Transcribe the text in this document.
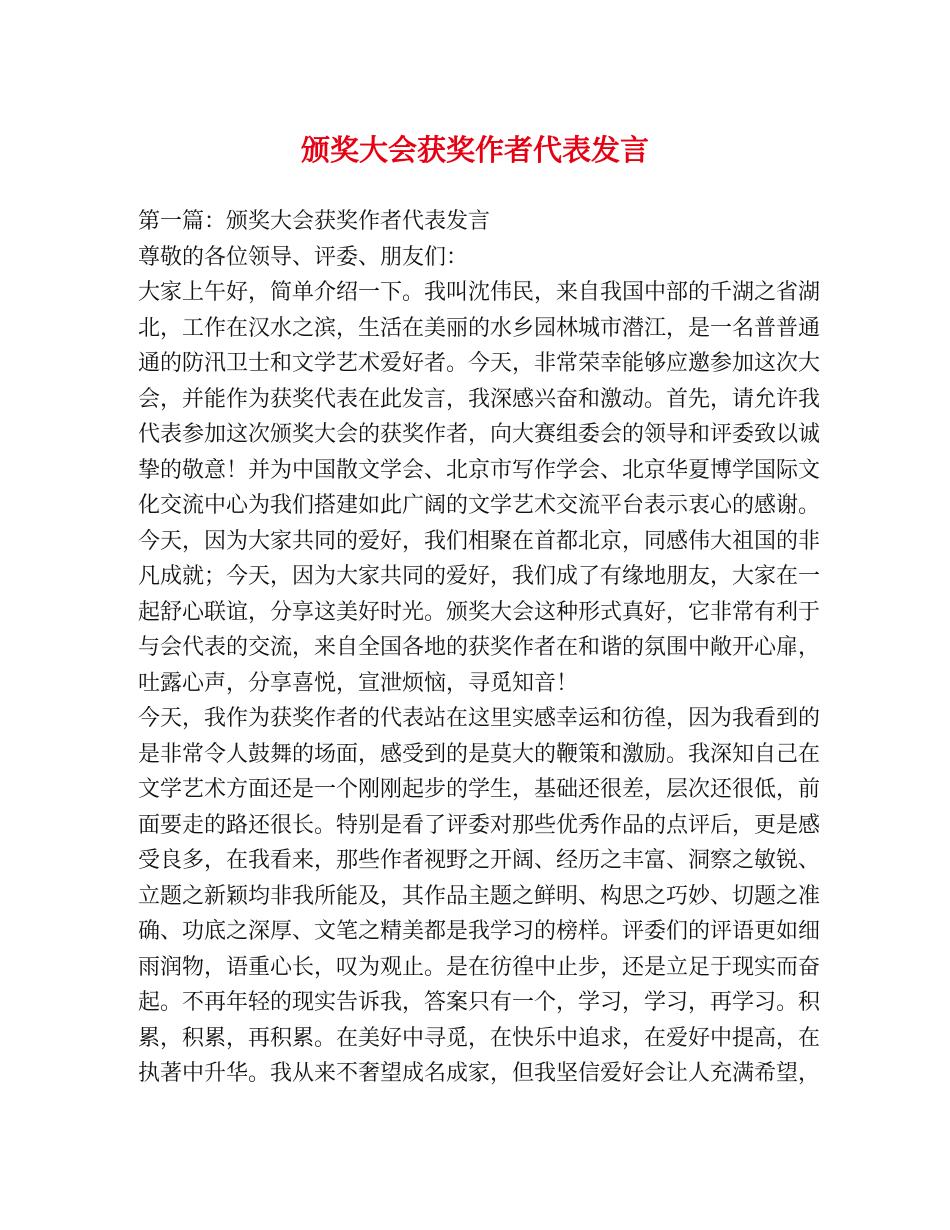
颁奖大会获奖作者代表发言
第一篇：颁奖大会获奖作者代表发言
尊敬的各位领导、评委、朋友们：
大家上午好，简单介绍一下。我叫沈伟民，来自我国中部的千湖之省湖
北，工作在汉水之滨，生活在美丽的水乡园林城市潜江，是一名普普通
通的防汛卫士和文学艺术爱好者。今天，非常荣幸能够应邀参加这次大
会，并能作为获奖代表在此发言，我深感兴奋和激动。首先，请允许我
代表参加这次颁奖大会的获奖作者，向大赛组委会的领导和评委致以诚
挚的敬意！并为中国散文学会、北京市写作学会、北京华夏博学国际文
化交流中心为我们搭建如此广阔的文学艺术交流平台表示衷心的感谢。
今天，因为大家共同的爱好，我们相聚在首都北京，同感伟大祖国的非
凡成就；今天，因为大家共同的爱好，我们成了有缘地朋友，大家在一
起舒心联谊，分享这美好时光。颁奖大会这种形式真好，它非常有利于
与会代表的交流，来自全国各地的获奖作者在和谐的氛围中敞开心扉，
吐露心声，分享喜悦，宣泄烦恼，寻觅知音！
今天，我作为获奖作者的代表站在这里实感幸运和彷徨，因为我看到的
是非常令人鼓舞的场面，感受到的是莫大的鞭策和激励。我深知自己在
文学艺术方面还是一个刚刚起步的学生，基础还很差，层次还很低，前
面要走的路还很长。特别是看了评委对那些优秀作品的点评后，更是感
受良多，在我看来，那些作者视野之开阔、经历之丰富、洞察之敏锐、
立题之新颖均非我所能及，其作品主题之鲜明、构思之巧妙、切题之准
确、功底之深厚、文笔之精美都是我学习的榜样。评委们的评语更如细
雨润物，语重心长，叹为观止。是在彷徨中止步，还是立足于现实而奋
起。不再年轻的现实告诉我，答案只有一个，学习，学习，再学习。积
累，积累，再积累。在美好中寻觅，在快乐中追求，在爱好中提高，在
执著中升华。我从来不奢望成名成家，但我坚信爱好会让人充满希望，
